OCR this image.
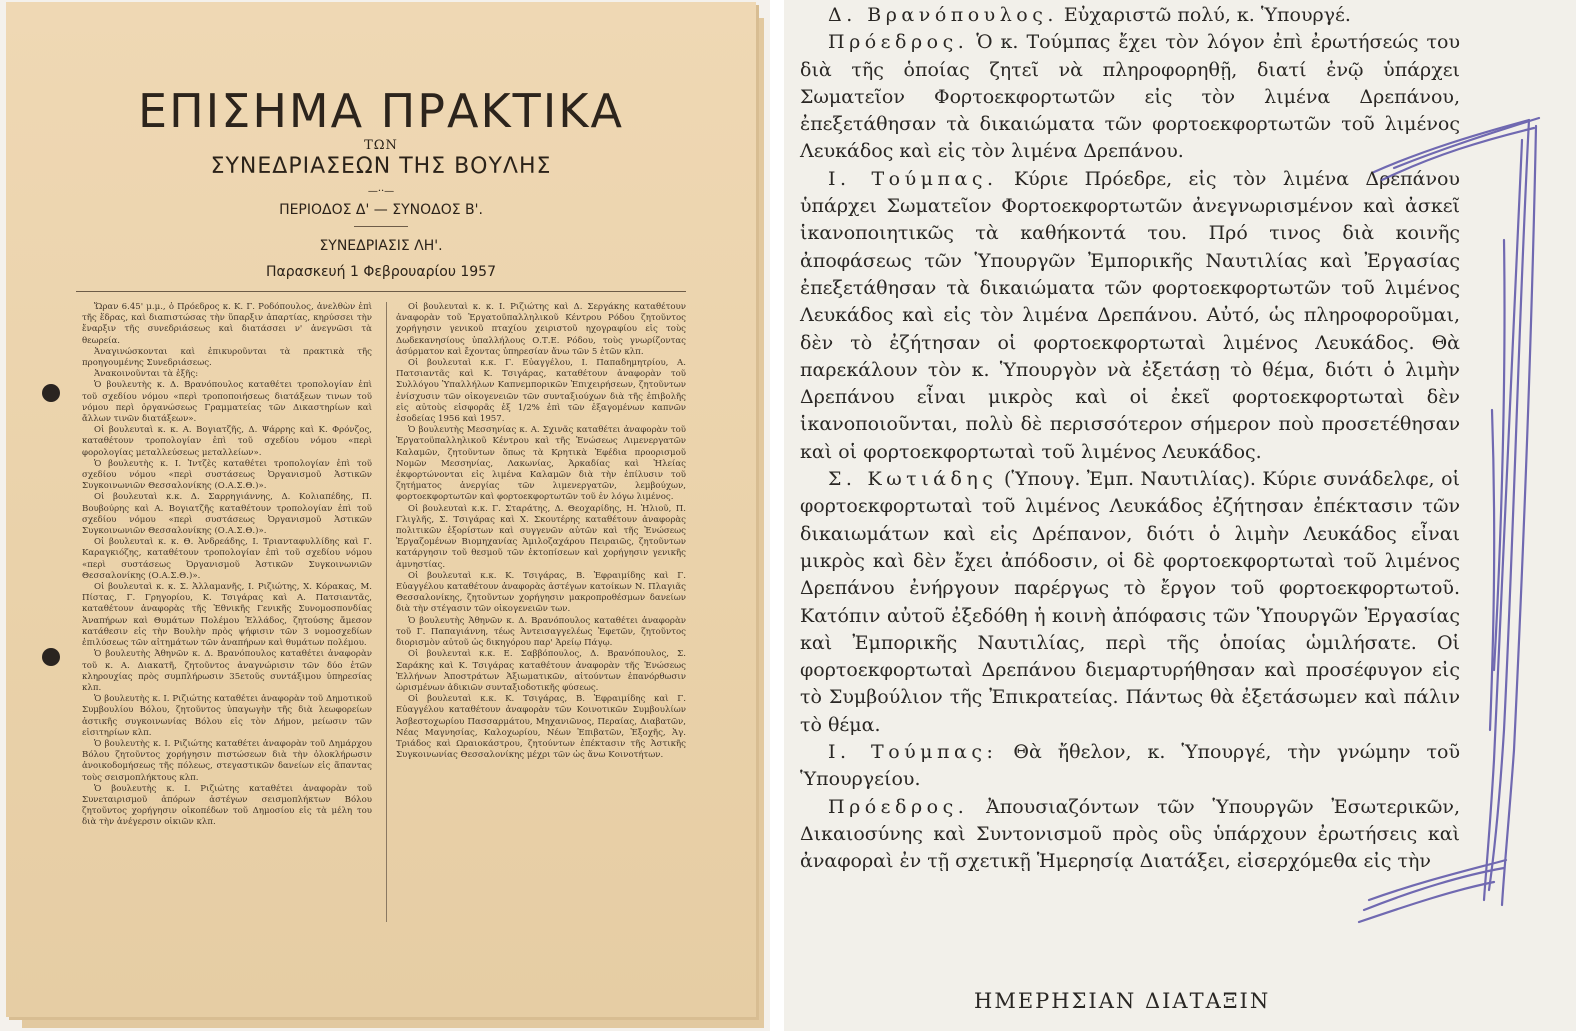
ΕΠΙΣΗΜΑ ΠΡΑΚΤΙΚΑ
ΤΩΝ
ΣΥΝΕΔΡΙΑΣΕΩΝ ΤΗΣ ΒΟΥΛΗΣ
—··—
ΠΕΡΙΟΔΟΣ Δ' — ΣΥΝΟΔΟΣ Β'.
ΣΥΝΕΔΡΙΑΣΙΣ ΛΗ'.
Παρασκευή 1 Φεβρουαρίου 1957

Ὥραν 6.45' μ.μ., ὁ Πρόεδρος κ. Κ. Γ. Ροδόπουλος, ἀνελθὼν ἐπὶ τῆς ἕδρας, καὶ διαπιστώσας τὴν ὕπαρξιν ἀπαρτίας, κηρύσσει τὴν ἔναρξιν τῆς συνεδριάσεως καὶ διατάσσει ν' ἀνεγνῶσι τὰ θεωρεία.

Ἀναγινώσκονται καὶ ἐπικυροῦνται τὰ πρακτικὰ τῆς προηγουμένης Συνεδριάσεως.

Ἀνακοινοῦνται τὰ ἑξῆς:

Ὁ βουλευτὴς κ. Δ. Βρανόπουλος καταθέτει τροπολογίαν ἐπὶ τοῦ σχεδίου νόμου «περὶ τροποποιήσεως διατάξεων τινων τοῦ νόμου περὶ ὀργανώσεως Γραμματείας τῶν Δικαστηρίων καὶ ἄλλων τινῶν διατάξεων».

Οἱ βουλευταὶ κ. κ. Α. Βογιατζῆς, Δ. Ψάρρης καὶ Κ. Φρόνζος, καταθέτουν τροπολογίαν ἐπὶ τοῦ σχεδίου νόμου «περὶ φορολογίας μεταλλεύσεως μεταλλείων».

Ὁ βουλευτὴς κ. Ι. Ἰντζὲς καταθέτει τροπολογίαν ἐπὶ τοῦ σχεδίου νόμου «περὶ συστάσεως Ὀργανισμοῦ Ἀστικῶν Συγκοινωνιῶν Θεσσαλονίκης (Ο.Α.Σ.Θ.)».

Οἱ βουλευταὶ κ.κ. Δ. Σαρρηγιάννης, Δ. Κολιαπέδης, Π. Βουβούρης καὶ Α. Βογιατζῆς καταθέτουν τροπολογίαν ἐπὶ τοῦ σχεδίου νόμου «περὶ συστάσεως Ὀργανισμοῦ Ἀστικῶν Συγκοινωνιῶν Θεσσαλονίκης (Ο.Α.Σ.Θ.)».

Οἱ βουλευταὶ κ. κ. Θ. Ἀνδρεάδης, Ι. Τριανταφυλλίδης καὶ Γ. Καραγκιόζης, καταθέτουν τροπολογίαν ἐπὶ τοῦ σχεδίου νόμου «περὶ συστάσεως Ὀργανισμοῦ Ἀστικῶν Συγκοινωνιῶν Θεσσαλονίκης (Ο.Α.Σ.Θ.)».

Οἱ βουλευταὶ κ. κ. Σ. Ἀλλαμανῆς, Ι. Ριζιώτης, Χ. Κόρακας, Μ. Πίστας, Γ. Γρηγορίου, Κ. Τσιγάρας καὶ Α. Πατσιαντᾶς, καταθέτουν ἀναφορὰς τῆς Ἐθνικῆς Γενικῆς Συνομοσπονδίας Ἀναπήρων καὶ Θυμάτων Πολέμου Ἑλλάδος, ζητούσης ἄμεσον κατάθεσιν εἰς τὴν Βουλὴν πρὸς ψήφισιν τῶν 3 νομοσχεδίων ἐπιλύσεως τῶν αἰτημάτων τῶν ἀναπήρων καὶ θυμάτων πολέμου.

Ὁ βουλευτὴς Ἀθηνῶν κ. Δ. Βρανόπουλος καταθέτει ἀναφορὰν τοῦ κ. Α. Διακατῆ, ζητοῦντος ἀναγνώρισιν τῶν δύο ἐτῶν κληρουχίας πρὸς συμπλήρωσιν 35ετοῦς συντάξιμου ὑπηρεσίας κλπ.

Ὁ βουλευτὴς κ. Ι. Ριζιώτης καταθέτει ἀναφορὰν τοῦ Δημοτικοῦ Συμβουλίου Βόλου, ζητοῦντος ὑπαγωγὴν τῆς διὰ λεωφορείων ἀστικῆς συγκοινωνίας Βόλου εἰς τὸν Δήμον, μείωσιν τῶν εἰσιτηρίων κλπ.

Ὁ βουλευτὴς κ. Ι. Ριζιώτης καταθέτει ἀναφορὰν τοῦ Δημάρχου Βόλου ζητοῦντος χορήγησιν πιστώσεων διὰ τὴν ὁλοκλήρωσιν ἀνοικοδομήσεως τῆς πόλεως, στεγαστικῶν δανείων εἰς ἅπαντας τοὺς σεισμοπλήκτους κλπ.

Ὁ βουλευτὴς κ. Ι. Ριζιώτης καταθέτει ἀναφορὰν τοῦ Συνεταιρισμοῦ ἀπόρων ἀστέγων σεισμοπλήκτων Βόλου ζητοῦντος χορήγησιν οἰκοπέδων τοῦ Δημοσίου εἰς τὰ μέλη του διὰ τὴν ἀνέγερσιν οἰκιῶν κλπ.

Οἱ βουλευταὶ κ. κ. Ι. Ριζιώτης καὶ Δ. Σεργάκης καταθέτουν ἀναφορὰν τοῦ Ἐργατοϋπαλληλικοῦ Κέντρου Ρόδου ζητοῦντος χορήγησιν γενικοῦ πταχίου χειριστοῦ ηχογραφίου εἰς τοὺς Δωδεκανησίους ὑπαλλήλους Ο.Τ.Ε. Ρόδου, τοὺς γνωρίζοντας ἀσύρματον καὶ ἔχοντας ὑπηρεσίαν ἄνω τῶν 5 ἐτῶν κλπ.

Οἱ βουλευταὶ κ.κ. Γ. Εὐαγγέλου, Ι. Παπαδημητρίου, Α. Πατσιαντᾶς καὶ Κ. Τσιγάρας, καταθέτουν ἀναφορὰν τοῦ Συλλόγου Ὑπαλλήλων Καπνεμπορικῶν Ἐπιχειρήσεων, ζητοῦντων ἐνίσχυσιν τῶν οἰκογενειῶν τῶν συνταξιούχων διὰ τῆς ἐπιβολῆς εἰς αὐτοὺς εἰσφορᾶς ἐξ 1/2% ἐπὶ τῶν ἐξαγομένων καπνῶν ἐσοδείας 1956 καὶ 1957.

Ὁ βουλευτὴς Μεσσηνίας κ. Α. Σχινᾶς καταθέτει ἀναφορὰν τοῦ Ἐργατοϋπαλληλικοῦ Κέντρου καὶ τῆς Ἑνώσεως Λιμενεργατῶν Καλαμῶν, ζητοῦντων ὅπως τὰ Κρητικὰ Ἐφέδια προορισμοῦ Νομῶν Μεσσηνίας, Λακωνίας, Ἀρκαδίας καὶ Ἠλείας ἐκφορτώνονται εἰς λιμένα Καλαμῶν διὰ τὴν ἐπίλυσιν τοῦ ζητήματος ἀνεργίας τῶν λιμενεργατῶν, λεμβούχων, φορτοεκφορτωτῶν καὶ φορτοεκφορτωτῶν τοῦ ἐν λόγω λιμένος.

Οἱ βουλευταὶ κ.κ. Γ. Σταράτης, Δ. Θεοχαρίδης, Η. Ἠλιοῦ, Π. Γλιγλῆς, Σ. Τσιγάρας καὶ Χ. Σκουτέρης καταθέτουν ἀναφορὰς πολιτικῶν ἐξορίστων καὶ συγγενῶν αὐτῶν καὶ τῆς Ἑνώσεως Ἐργαζομένων Βιομηχανίας Ἀμιλοζαχάρου Πειραιῶς, ζητοῦντων κατάργησιν τοῦ θεσμοῦ τῶν ἐκτοπίσεων καὶ χορήγησιν γενικῆς ἀμνηστίας.

Οἱ βουλευταὶ κ.κ. Κ. Τσιγάρας, Β. Ἐφραιμίδης καὶ Γ. Εὐαγγέλου καταθέτουν ἀναφορὰς ἀστέγων κατοίκων Ν. Πλαγιᾶς Θεσσαλονίκης, ζητοῦντων χορήγησιν μακροπροθέσμων δανείων διὰ τὴν στέγασιν τῶν οἰκογενειῶν των.

Ὁ βουλευτὴς Ἀθηνῶν κ. Δ. Βρανόπουλος καταθέτει ἀναφορὰν τοῦ Γ. Παπαγιάννη, τέως Ἀντεισαγγελέως Ἐφετῶν, ζητοῦντος διορισμὸν αὐτοῦ ὡς δικηγόρου παρ' Ἀρείῳ Πάγῳ.

Οἱ βουλευταὶ κ.κ. Ε. Σαββόπουλος, Δ. Βρανόπουλος, Σ. Σαράκης καὶ Κ. Τσιγάρας καταθέτουν ἀναφορὰν τῆς Ἑνώσεως Ἑλλήνων Ἀποστράτων Ἀξιωματικῶν, αἰτούντων ἐπανόρθωσιν ὡρισμένων ἀδικιῶν συνταξιοδοτικῆς φύσεως.

Οἱ βουλευταὶ κ.κ. Κ. Τσιγάρας, Β. Ἐφραιμίδης καὶ Γ. Εὐαγγέλου καταθέτουν ἀναφορὰν τῶν Κοινοτικῶν Συμβουλίων Ἀσβεστοχωρίου Πασσαρμάτου, Μηχανιῶνος, Περαίας, Διαβατῶν, Νέας Μαγνησίας, Καλοχωρίου, Νέων Ἐπιβατῶν, Ἐξοχῆς, Ἁγ. Τριάδος καὶ Ωραιοκάστρου, ζητούντων ἐπέκτασιν τῆς Ἀστικῆς Συγκοινωνίας Θεσσαλονίκης μέχρι τῶν ὡς ἄνω Κοινοτήτων.

Δ. Βρανόπουλος. Εὐχαριστῶ πολύ, κ. Ὑπουργέ.

Πρόεδρος. Ὁ κ. Τούμπας ἔχει τὸν λόγον ἐπὶ ἐρωτήσεώς του διὰ τῆς ὁποίας ζητεῖ νὰ πληροφορηθῇ, διατί ἐνῷ ὑπάρχει Σωματεῖον Φορτοεκφορτωτῶν εἰς τὸν λιμένα Δρεπάνου, ἐπεξετάθησαν τὰ δικαιώματα τῶν φορτοεκφορτωτῶν τοῦ λιμένος Λευκάδος καὶ εἰς τὸν λιμένα Δρεπάνου.

Ι. Τούμπας. Κύριε Πρόεδρε, εἰς τὸν λιμένα Δρεπάνου ὑπάρχει Σωματεῖον Φορτοεκφορτωτῶν ἀνεγνωρισμένον καὶ ἀσκεῖ ἱκανοποιητικῶς τὰ καθήκοντά του. Πρό τινος διὰ κοινῆς ἀποφάσεως τῶν Ὑπουργῶν Ἐμπορικῆς Ναυτιλίας καὶ Ἐργασίας ἐπεξετάθησαν τὰ δικαιώματα τῶν φορτοεκφορτωτῶν τοῦ λιμένος Λευκάδος καὶ εἰς τὸν λιμένα Δρεπάνου. Αὐτό, ὡς πληροφοροῦμαι, δὲν τὸ ἐζήτησαν οἱ φορτοεκφορτωταὶ λιμένος Λευκάδος. Θὰ παρεκάλουν τὸν κ. Ὑπουργὸν νὰ ἐξετάσῃ τὸ θέμα, διότι ὁ λιμὴν Δρεπάνου εἶναι μικρὸς καὶ οἱ ἐκεῖ φορτοεκφορτωταὶ δὲν ἱκανοποιοῦνται, πολὺ δὲ περισσότερον σήμερον ποὺ προσετέθησαν καὶ οἱ φορτοεκφορτωταὶ τοῦ λιμένος Λευκάδος.

Σ. Κωτιάδης (Ὑπουγ. Ἐμπ. Ναυτιλίας). Κύριε συνάδελφε, οἱ φορτοεκφορτωταὶ τοῦ λιμένος Λευκάδος ἐζήτησαν ἐπέκτασιν τῶν δικαιωμάτων καὶ εἰς Δρέπανον, διότι ὁ λιμὴν Λευκάδος εἶναι μικρὸς καὶ δὲν ἔχει ἀπόδοσιν, οἱ δὲ φορτοεκφορτωταὶ τοῦ λιμένος Δρεπάνου ἐνήργουν παρέργως τὸ ἔργον τοῦ φορτοεκφορτωτοῦ. Κατόπιν αὐτοῦ ἐξεδόθη ἡ κοινὴ ἀπόφασις τῶν Ὑπουργῶν Ἐργασίας καὶ Ἐμπορικῆς Ναυτιλίας, περὶ τῆς ὁποίας ὡμιλήσατε. Οἱ φορτοεκφορτωταὶ Δρεπάνου διεμαρτυρήθησαν καὶ προσέφυγον εἰς τὸ Συμβούλιον τῆς Ἐπικρατείας. Πάντως θὰ ἐξετάσωμεν καὶ πάλιν τὸ θέμα.

Ι. Τούμπας: Θὰ ἤθελον, κ. Ὑπουργέ, τὴν γνώμην τοῦ Ὑπουργείου.

Πρόεδρος. Ἀπουσιαζόντων τῶν Ὑπουργῶν Ἐσωτερικῶν, Δικαιοσύνης καὶ Συντονισμοῦ πρὸς οὓς ὑπάρχουν ἐρωτήσεις καὶ ἀναφοραὶ ἐν τῇ σχετικῇ Ἡμερησίᾳ Διατάξει, εἰσερχόμεθα εἰς τὴν

ΗΜΕΡΗΣΙΑΝ ΔΙΑΤΑΞΙΝ
